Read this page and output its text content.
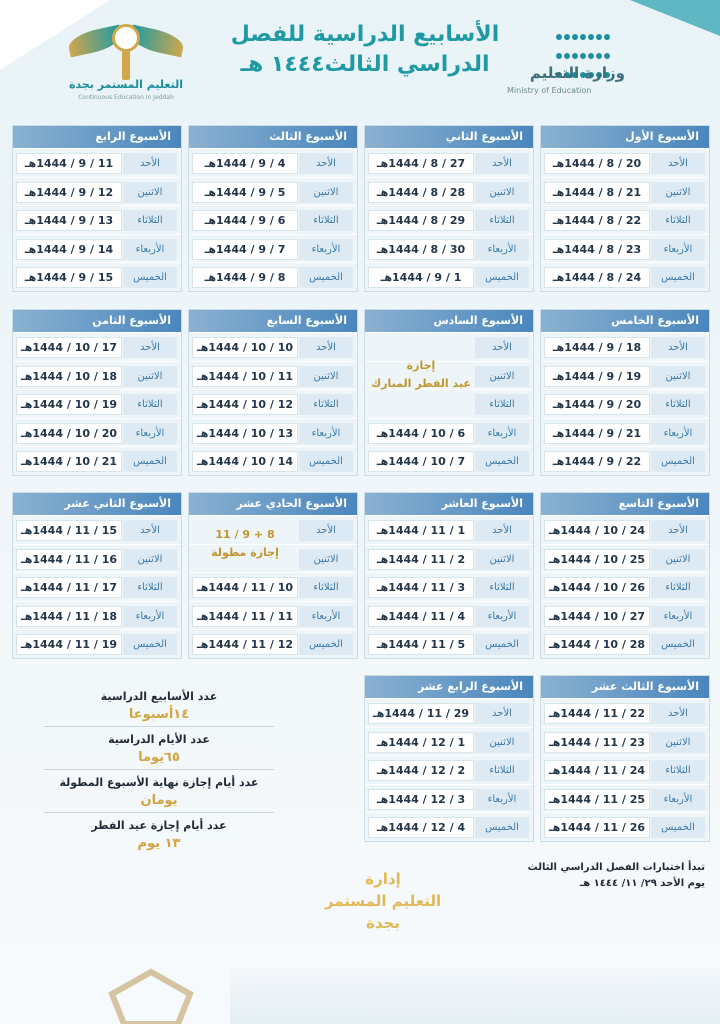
التعليم المستمر بجدة
Continuous Education in Jeddah
الأسابيع الدراسية للفصل
الدراسي الثالث١٤٤٤ هـ
	وزارة التعليم
Ministry of Education
الأسبوع الأول
الأحد
20 / 8 / 1444هـ
الاثنين
21 / 8 / 1444هـ
الثلاثاء
22 / 8 / 1444هـ
الأربعاء
23 / 8 / 1444هـ
الخميس
24 / 8 / 1444هـ
الأسبوع الثاني
الأحد
27 / 8 / 1444هـ
الاثنين
28 / 8 / 1444هـ
الثلاثاء
29 / 8 / 1444هـ
الأربعاء
30 / 8 / 1444هـ
الخميس
1 / 9 / 1444هـ
الأسبوع الثالث
الأحد
4 / 9 / 1444هـ
الاثنين
5 / 9 / 1444هـ
الثلاثاء
6 / 9 / 1444هـ
الأربعاء
7 / 9 / 1444هـ
الخميس
8 / 9 / 1444هـ
الأسبوع الرابع
الأحد
11 / 9 / 1444هـ
الاثنين
12 / 9 / 1444هـ
الثلاثاء
13 / 9 / 1444هـ
الأربعاء
14 / 9 / 1444هـ
الخميس
15 / 9 / 1444هـ
الأسبوع الخامس
الأحد
18 / 9 / 1444هـ
الاثنين
19 / 9 / 1444هـ
الثلاثاء
20 / 9 / 1444هـ
الأربعاء
21 / 9 / 1444هـ
الخميس
22 / 9 / 1444هـ
الأسبوع السادس
الأحد
الاثنين
الثلاثاء
الأربعاء
6 / 10 / 1444هـ
الخميس
7 / 10 / 1444هـ
إجازة
عيد الفطر المبارك
الأسبوع السابع
الأحد
10 / 10 / 1444هـ
الاثنين
11 / 10 / 1444هـ
الثلاثاء
12 / 10 / 1444هـ
الأربعاء
13 / 10 / 1444هـ
الخميس
14 / 10 / 1444هـ
الأسبوع الثامن
الأحد
17 / 10 / 1444هـ
الاثنين
18 / 10 / 1444هـ
الثلاثاء
19 / 10 / 1444هـ
الأربعاء
20 / 10 / 1444هـ
الخميس
21 / 10 / 1444هـ
الأسبوع التاسع
الأحد
24 / 10 / 1444هـ
الاثنين
25 / 10 / 1444هـ
الثلاثاء
26 / 10 / 1444هـ
الأربعاء
27 / 10 / 1444هـ
الخميس
28 / 10 / 1444هـ
الأسبوع العاشر
الأحد
1 / 11 / 1444هـ
الاثنين
2 / 11 / 1444هـ
الثلاثاء
3 / 11 / 1444هـ
الأربعاء
4 / 11 / 1444هـ
الخميس
5 / 11 / 1444هـ
الأسبوع الحادي عشر
الأحد
الاثنين
الثلاثاء
10 / 11 / 1444هـ
الأربعاء
11 / 11 / 1444هـ
الخميس
12 / 11 / 1444هـ
8 + 9 / 11
إجازة مطولة
الأسبوع الثاني عشر
الأحد
15 / 11 / 1444هـ
الاثنين
16 / 11 / 1444هـ
الثلاثاء
17 / 11 / 1444هـ
الأربعاء
18 / 11 / 1444هـ
الخميس
19 / 11 / 1444هـ
الأسبوع الثالث عشر
الأحد
22 / 11 / 1444هـ
الاثنين
23 / 11 / 1444هـ
الثلاثاء
24 / 11 / 1444هـ
الأربعاء
25 / 11 / 1444هـ
الخميس
26 / 11 / 1444هـ
الأسبوع الرابع عشر
الأحد
29 / 11 / 1444هـ
الاثنين
1 / 12 / 1444هـ
الثلاثاء
2 / 12 / 1444هـ
الأربعاء
3 / 12 / 1444هـ
الخميس
4 / 12 / 1444هـ
عدد الأسابيع الدراسية
١٤أسبوعا
عدد الأيام الدراسية
٦٥يوما
عدد أيام إجازة نهاية الأسبوع المطولة
يومان
عدد أيام إجازة عيد الفطر
١٣ يوم
تبدأ اختبارات الفصل الدراسي الثالث
يوم الأحد ٢٩/ ١١/ ١٤٤٤ هـ
إدارة
التعليم المستمر
بجدة
